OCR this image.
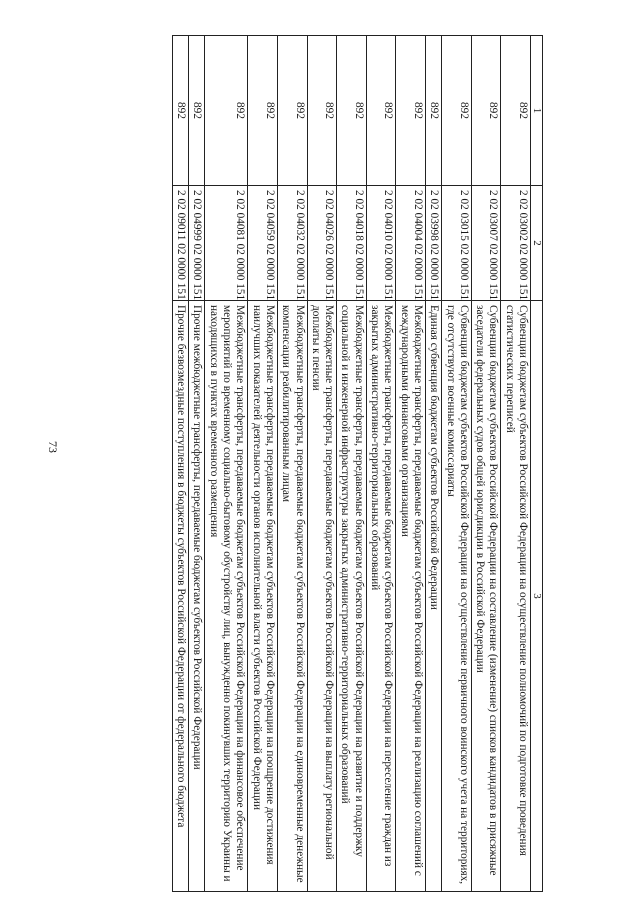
73
1	2	3
892	2 02 03002 02 0000 151	Субвенции бюджетам субъектов Российской Федерации на осуществление полномочий по подготовке проведения статистических переписей
892	2 02 03007 02 0000 151	Субвенции бюджетам субъектов Российской Федерации на составление (изменение) списков кандидатов в присяжные заседатели федеральных судов общей юрисдикции в Российской Федерации
892	2 02 03015 02 0000 151	Субвенции бюджетам субъектов Российской Федерации на осуществление первичного воинского учета на территориях, где отсутствуют военные комиссариаты
892	2 02 03998 02 0000 151	Единая субвенция бюджетам субъектов Российской Федерации
892	2 02 04004 02 0000 151	Межбюджетные трансферты, передаваемые бюджетам субъектов Российской Федерации на реализацию соглашений с международными финансовыми организациями
892	2 02 04010 02 0000 151	Межбюджетные трансферты, передаваемые бюджетам субъектов Российской Федерации на переселение граждан из закрытых административно-территориальных образований
892	2 02 04018 02 0000 151	Межбюджетные трансферты, передаваемые бюджетам субъектов Российской Федерации на развитие и поддержку социальной и инженерной инфраструктуры закрытых административно-территориальных образований
892	2 02 04026 02 0000 151	Межбюджетные трансферты, передаваемые бюджетам субъектов Российской Федерации на выплату региональной доплаты к пенсии
892	2 02 04032 02 0000 151	Межбюджетные трансферты, передаваемые бюджетам субъектов Российской Федерации на единовременные денежные компенсации реабилитированным лицам
892	2 02 04059 02 0000 151	Межбюджетные трансферты, передаваемые бюджетам субъектов Российской Федерации на поощрение достижения наилучших показателей деятельности органов исполнительной власти субъектов Российской Федерации
892	2 02 04081 02 0000 151	Межбюджетные трансферты, передаваемые бюджетам субъектов Российской Федерации на финансовое обеспечение мероприятий по временному социально-бытовому обустройству лиц, вынужденно покинувших территорию Украины и находящихся в пунктах временного размещения
892	2 02 04999 02 0000 151	Прочие межбюджетные трансферты, передаваемые бюджетам субъектов Российской Федерации
892	2 02 09011 02 0000 151	Прочие безвозмездные поступления в бюджеты субъектов Российской Федерации от федерального бюджета
